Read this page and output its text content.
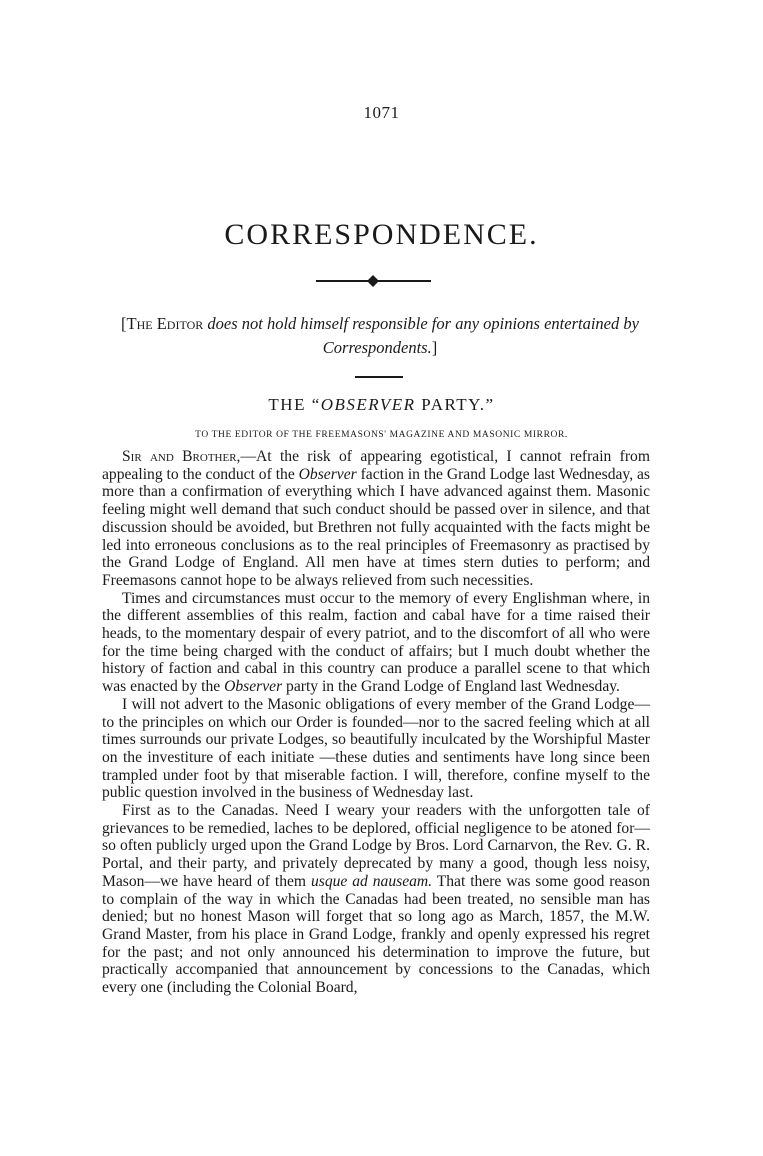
1071
CORRESPONDENCE.
[The Editor does not hold himself responsible for any opinions entertained by Correspondents.]
THE “OBSERVER PARTY.”
TO THE EDITOR OF THE FREEMASONS' MAGAZINE AND MASONIC MIRROR.

Sir and Brother,—At the risk of appearing egotistical, I cannot refrain from appealing to the conduct of the Observer faction in the Grand Lodge last Wednesday, as more than a confirmation of everything which I have advanced against them. Masonic feeling might well demand that such conduct should be passed over in silence, and that discussion should be avoided, but Brethren not fully acquainted with the facts might be led into erroneous conclusions as to the real principles of Freemasonry as practised by the Grand Lodge of England. All men have at times stern duties to perform; and Freemasons cannot hope to be always relieved from such necessities.

Times and circumstances must occur to the memory of every Englishman where, in the different assemblies of this realm, faction and cabal have for a time raised their heads, to the momentary despair of every patriot, and to the discomfort of all who were for the time being charged with the conduct of affairs; but I much doubt whether the history of faction and cabal in this country can produce a parallel scene to that which was enacted by the Observer party in the Grand Lodge of England last Wednesday.

I will not advert to the Masonic obligations of every member of the Grand Lodge—to the principles on which our Order is founded—nor to the sacred feeling which at all times surrounds our private Lodges, so beautifully inculcated by the Worshipful Master on the investiture of each initiate —these duties and sentiments have long since been trampled under foot by that miserable faction. I will, therefore, confine myself to the public question involved in the business of Wednesday last.

First as to the Canadas. Need I weary your readers with the unforgotten tale of grievances to be remedied, laches to be deplored, official negligence to be atoned for—so often publicly urged upon the Grand Lodge by Bros. Lord Carnarvon, the Rev. G. R. Portal, and their party, and privately deprecated by many a good, though less noisy, Mason—we have heard of them usque ad nauseam. That there was some good reason to complain of the way in which the Canadas had been treated, no sensible man has denied; but no honest Mason will forget that so long ago as March, 1857, the M.W. Grand Master, from his place in Grand Lodge, frankly and openly expressed his regret for the past; and not only announced his determination to improve the future, but practically accompanied that announcement by concessions to the Canadas, which every one (including the Colonial Board,
